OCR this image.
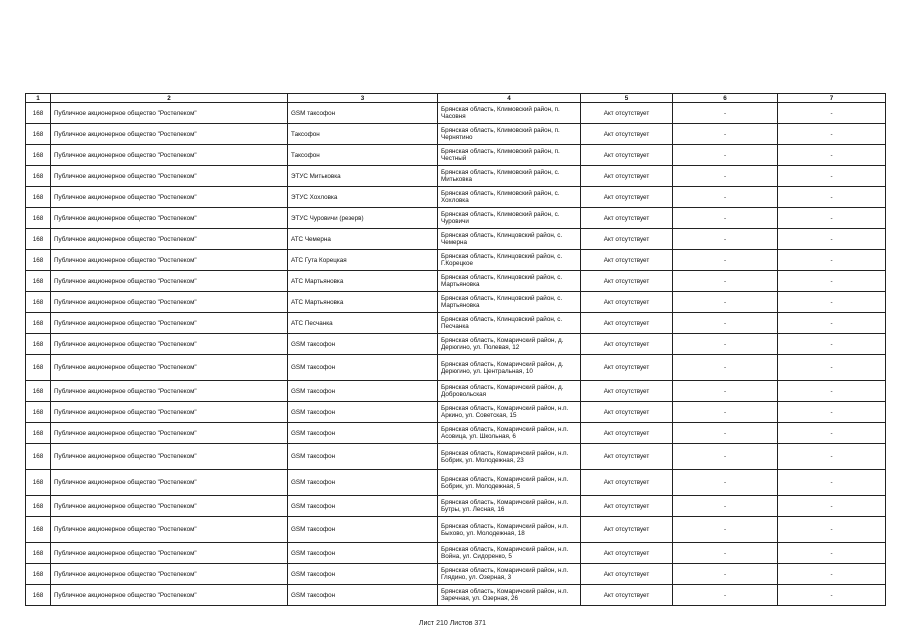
1	2	3	4	5	6	7
168	Публичное акционерное общество "Ростелеком"	GSM таксофон	Брянская область, Климовский район, п. Часовня	Акт отсутствует	-	-
168	Публичное акционерное общество "Ростелеком"	Таксофон	Брянская область, Климовский район, п. Чернятино	Акт отсутствует	-	-
168	Публичное акционерное общество "Ростелеком"	Таксофон	Брянская область, Климовский район, п. Честный	Акт отсутствует	-	-
168	Публичное акционерное общество "Ростелеком"	ЭТУС Митьковка	Брянская область, Климовский район, с. Митьковка	Акт отсутствует	-	-
168	Публичное акционерное общество "Ростелеком"	ЭТУС Хохловка	Брянская область, Климовский район, с. Хохловка	Акт отсутствует	-	-
168	Публичное акционерное общество "Ростелеком"	ЭТУС Чуровичи (резерв)	Брянская область, Климовский район, с. Чуровичи	Акт отсутствует	-	-
168	Публичное акционерное общество "Ростелеком"	АТС Чемерна	Брянская область, Клинцовский район, с. Чемерна	Акт отсутствует	-	-
168	Публичное акционерное общество "Ростелеком"	АТС Гута Корецкая	Брянская область, Клинцовский район, с. Г.Корецкое	Акт отсутствует	-	-
168	Публичное акционерное общество "Ростелеком"	АТС Мартьяновка	Брянская область, Клинцовский район, с. Мартьяновка	Акт отсутствует	-	-
168	Публичное акционерное общество "Ростелеком"	АТС Мартьяновка	Брянская область, Клинцовский район, с. Мартьяновка	Акт отсутствует	-	-
168	Публичное акционерное общество "Ростелеком"	АТС Песчанка	Брянская область, Клинцовский район, с. Песчанка	Акт отсутствует	-	-
168	Публичное акционерное общество "Ростелеком"	GSM таксофон	Брянская область, Комаричский район, д. Дерюгино, ул. Полевая, 12	Акт отсутствует	-	-
168	Публичное акционерное общество "Ростелеком"	GSM таксофон	Брянская область, Комаричский район, д. Дерюгино, ул. Центральная, 10	Акт отсутствует	-	-
168	Публичное акционерное общество "Ростелеком"	GSM таксофон	Брянская область, Комаричский район, д. Добровольская	Акт отсутствует	-	-
168	Публичное акционерное общество "Ростелеком"	GSM таксофон	Брянская область, Комаричский район, н.п. Аркино, ул. Советская, 15	Акт отсутствует	-	-
168	Публичное акционерное общество "Ростелеком"	GSM таксофон	Брянская область, Комаричский район, н.п. Асовица, ул. Школьная, 6	Акт отсутствует	-	-
168	Публичное акционерное общество "Ростелеком"	GSM таксофон	Брянская область, Комаричский район, н.п. Бобрик, ул. Молодежная, 23	Акт отсутствует	-	-
168	Публичное акционерное общество "Ростелеком"	GSM таксофон	Брянская область, Комаричский район, н.п. Бобрик, ул. Молодежная, 5	Акт отсутствует	-	-
168	Публичное акционерное общество "Ростелеком"	GSM таксофон	Брянская область, Комаричский район, н.п. Бутры, ул. Лесная, 16	Акт отсутствует	-	-
168	Публичное акционерное общество "Ростелеком"	GSM таксофон	Брянская область, Комаричский район, н.п. Быхово, ул. Молодежная, 18	Акт отсутствует	-	-
168	Публичное акционерное общество "Ростелеком"	GSM таксофон	Брянская область, Комаричский район, н.п. Война, ул. Сидоренко, 5	Акт отсутствует	-	-
168	Публичное акционерное общество "Ростелеком"	GSM таксофон	Брянская область, Комаричский район, н.п. Глядино, ул. Озерная, 3	Акт отсутствует	-	-
168	Публичное акционерное общество "Ростелеком"	GSM таксофон	Брянская область, Комаричский район, н.п. Заречная, ул. Озерная, 26	Акт отсутствует	-	-
Лист 210 Листов 371
